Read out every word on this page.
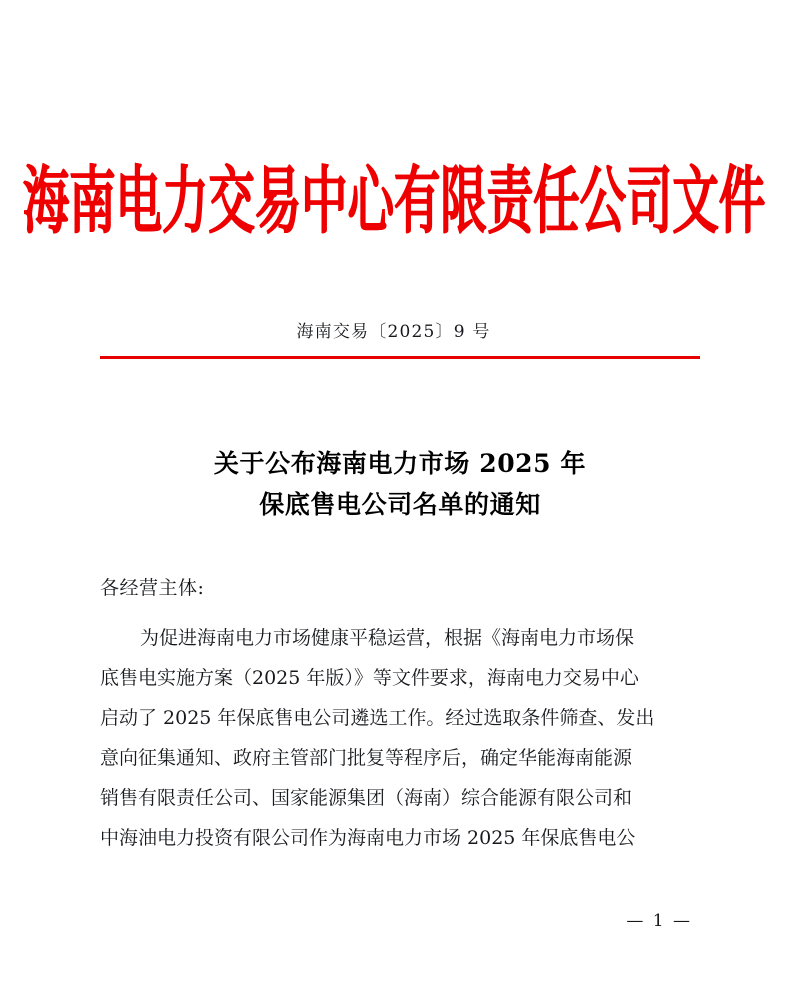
海南电力交易中心有限责任公司文件
海南交易〔2025〕9 号
关于公布海南电力市场 2025 年
保底售电公司名单的通知
各经营主体:
为促进海南电力市场健康平稳运营，根据《海南电力市场保
底售电实施方案（2025 年版）》等文件要求，海南电力交易中心
启动了 2025 年保底售电公司遴选工作。经过选取条件筛查、发出
意向征集通知、政府主管部门批复等程序后，确定华能海南能源
销售有限责任公司、国家能源集团（海南）综合能源有限公司和
中海油电力投资有限公司作为海南电力市场 2025 年保底售电公
— 1 —
